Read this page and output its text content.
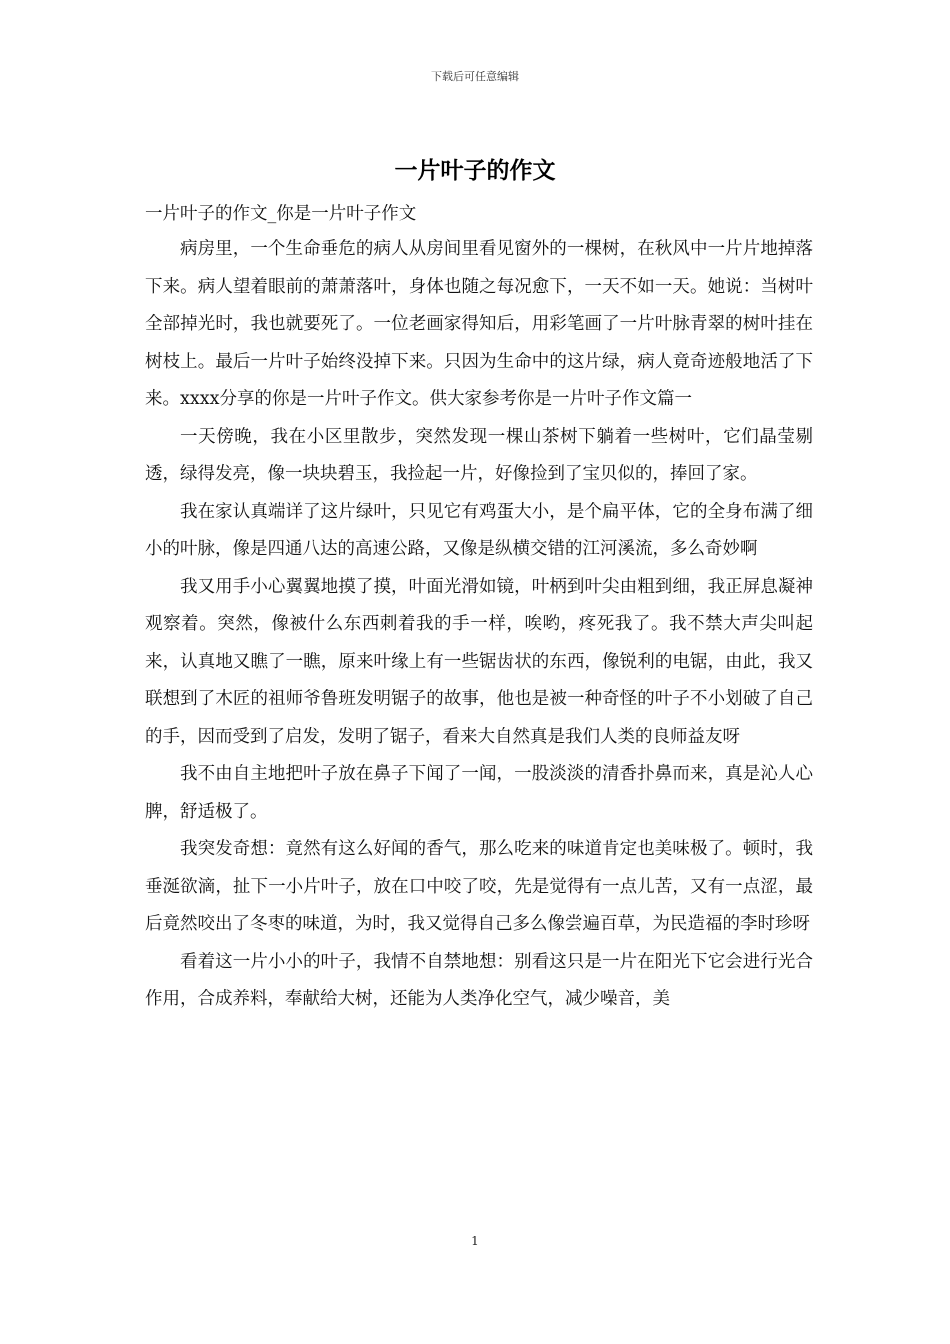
下载后可任意编辑
一片叶子的作文

一片叶子的作文_你是一片叶子作文

病房里，一个生命垂危的病人从房间里看见窗外的一棵树，在秋风中一片片地掉落下来。病人望着眼前的萧萧落叶，身体也随之每况愈下，一天不如一天。她说：当树叶全部掉光时，我也就要死了。一位老画家得知后，用彩笔画了一片叶脉青翠的树叶挂在树枝上。最后一片叶子始终没掉下来。只因为生命中的这片绿，病人竟奇迹般地活了下来。xxxx分享的你是一片叶子作文。供大家参考你是一片叶子作文篇一

一天傍晚，我在小区里散步，突然发现一棵山茶树下躺着一些树叶，它们晶莹剔透，绿得发亮，像一块块碧玉，我捡起一片，好像捡到了宝贝似的，捧回了家。

我在家认真端详了这片绿叶，只见它有鸡蛋大小，是个扁平体，它的全身布满了细小的叶脉，像是四通八达的高速公路，又像是纵横交错的江河溪流，多么奇妙啊

我又用手小心翼翼地摸了摸，叶面光滑如镜，叶柄到叶尖由粗到细，我正屏息凝神观察着。突然，像被什么东西刺着我的手一样，唉哟，疼死我了。我不禁大声尖叫起来，认真地又瞧了一瞧，原来叶缘上有一些锯齿状的东西，像锐利的电锯，由此，我又联想到了木匠的祖师爷鲁班发明锯子的故事，他也是被一种奇怪的叶子不小划破了自己的手，因而受到了启发，发明了锯子，看来大自然真是我们人类的良师益友呀

我不由自主地把叶子放在鼻子下闻了一闻，一股淡淡的清香扑鼻而来，真是沁人心脾，舒适极了。

我突发奇想：竟然有这么好闻的香气，那么吃来的味道肯定也美味极了。顿时，我垂涎欲滴，扯下一小片叶子，放在口中咬了咬，先是觉得有一点儿苦，又有一点涩，最后竟然咬出了冬枣的味道，为时，我又觉得自己多么像尝遍百草，为民造福的李时珍呀

看着这一片小小的叶子，我情不自禁地想：别看这只是一片在阳光下它会进行光合作用，合成养料，奉献给大树，还能为人类净化空气，减少噪音，美

1
